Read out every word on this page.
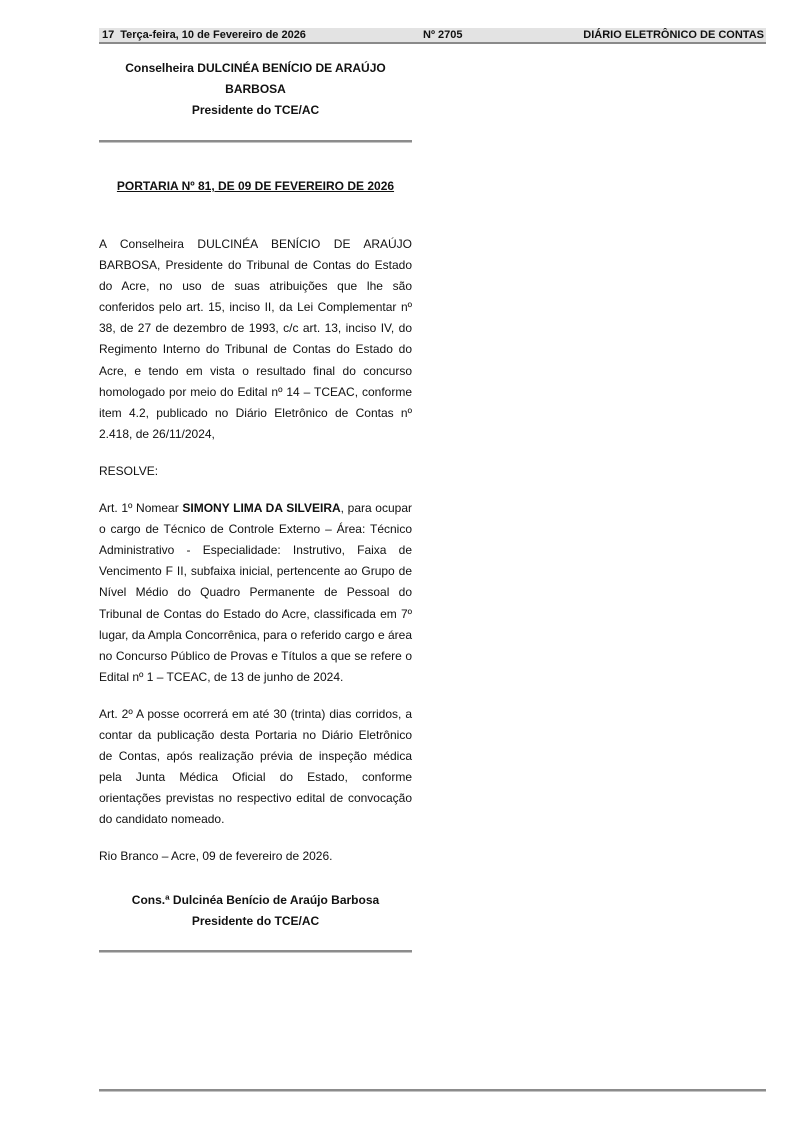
17 Terça-feira, 10 de Fevereiro de 2026	Nº 2705	DIÁRIO ELETRÔNICO DE CONTAS
Conselheira DULCINÉA BENÍCIO DE ARAÚJO
BARBOSA
Presidente do TCE/AC
PORTARIA Nº 81, DE 09 DE FEVEREIRO DE 2026

A Conselheira DULCINÉA BENÍCIO DE ARAÚJO BARBOSA, Presidente do Tribunal de Contas do Estado do Acre, no uso de suas atribuições que lhe são conferidos pelo art. 15, inciso II, da Lei Complementar nº 38, de 27 de dezembro de 1993, c/c art. 13, inciso IV, do Regimento Interno do Tribunal de Contas do Estado do Acre, e tendo em vista o resultado final do concurso homologado por meio do Edital nº 14 – TCEAC, conforme item 4.2, publicado no Diário Eletrônico de Contas nº 2.418, de 26/11/2024,

RESOLVE:

Art. 1º Nomear SIMONY LIMA DA SILVEIRA, para ocupar o cargo de Técnico de Controle Externo – Área: Técnico Administrativo - Especialidade: Instrutivo, Faixa de Vencimento F II, subfaixa inicial, pertencente ao Grupo de Nível Médio do Quadro Permanente de Pessoal do Tribunal de Contas do Estado do Acre, classificada em 7º lugar, da Ampla Concorrênica, para o referido cargo e área no Concurso Público de Provas e Títulos a que se refere o Edital nº 1 – TCEAC, de 13 de junho de 2024.

Art. 2º A posse ocorrerá em até 30 (trinta) dias corridos, a contar da publicação desta Portaria no Diário Eletrônico de Contas, após realização prévia de inspeção médica pela Junta Médica Oficial do Estado, conforme orientações previstas no respectivo edital de convocação do candidato nomeado.

Rio Branco – Acre, 09 de fevereiro de 2026.

Cons.ª Dulcinéa Benício de Araújo Barbosa
Presidente do TCE/AC
